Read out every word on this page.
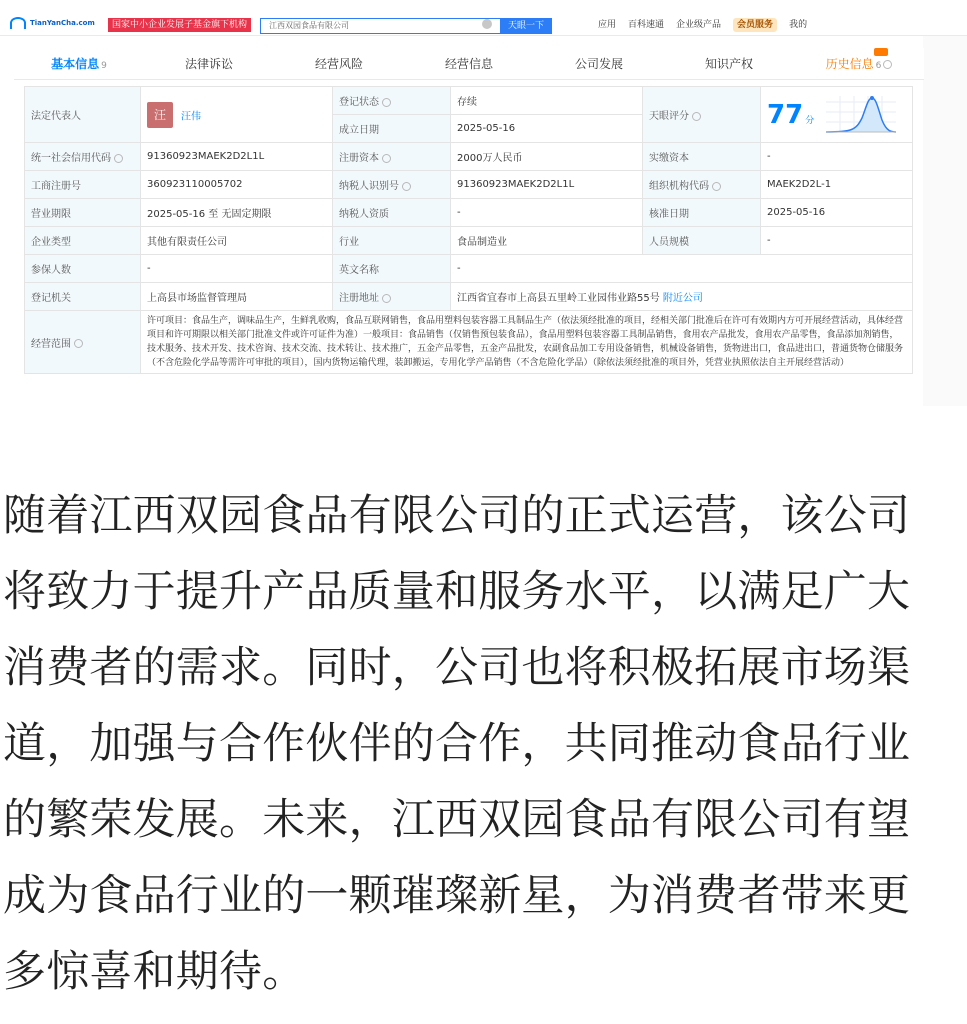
TianYanCha.com	国家中小企业发展子基金旗下机构	江西双园食品有限公司	天眼一下	应用 百科速通 企业级产品	会员服务	我的
基本信息 9	法律诉讼	经营风险	经营信息	公司发展	知识产权	历史信息 6
法定代表人	汪 汪伟	登记状态	存续	天眼评分	77 分

		成立日期	2025-05-16		
统一社会信用代码	91360923MAEK2D2L1L	注册资本	2000万人民币	实缴资本	-
工商注册号	360923110005702	纳税人识别号	91360923MAEK2D2L1L	组织机构代码	MAEK2D2L-1
营业期限	2025-05-16 至 无固定期限	纳税人资质	-	核准日期	2025-05-16
企业类型	其他有限责任公司	行业	食品制造业	人员规模	-
参保人数	-	英文名称	-		
登记机关	上高县市场监督管理局	注册地址	江西省宜春市上高县五里岭工业园伟业路55号 附近公司		
经营范围	许可项目：食品生产，调味品生产，生鲜乳收购，食品互联网销售，食品用塑料包装容器工具制品生产（依法须经批准的项目，经相关部门批准后在许可有效期内方可开展经营活动，具体经营项目和许可期限以相关部门批准文件或许可证件为准）一般项目：食品销售（仅销售预包装食品），食品用塑料包装容器工具制品销售，食用农产品批发，食用农产品零售，食品添加剂销售，技术服务、技术开发、技术咨询、技术交流、技术转让、技术推广，五金产品零售，五金产品批发，农副食品加工专用设备销售，机械设备销售，货物进出口，食品进出口，普通货物仓储服务（不含危险化学品等需许可审批的项目），国内货物运输代理，装卸搬运，专用化学产品销售（不含危险化学品）（除依法须经批准的项目外，凭营业执照依法自主开展经营活动）				
随着江西双园食品有限公司的正式运营，该公司将致力于提升产品质量和服务水平，以满足广大消费者的需求。同时，公司也将积极拓展市场渠道，加强与合作伙伴的合作，共同推动食品行业的繁荣发展。未来，江西双园食品有限公司有望成为食品行业的一颗璀璨新星，为消费者带来更多惊喜和期待。
